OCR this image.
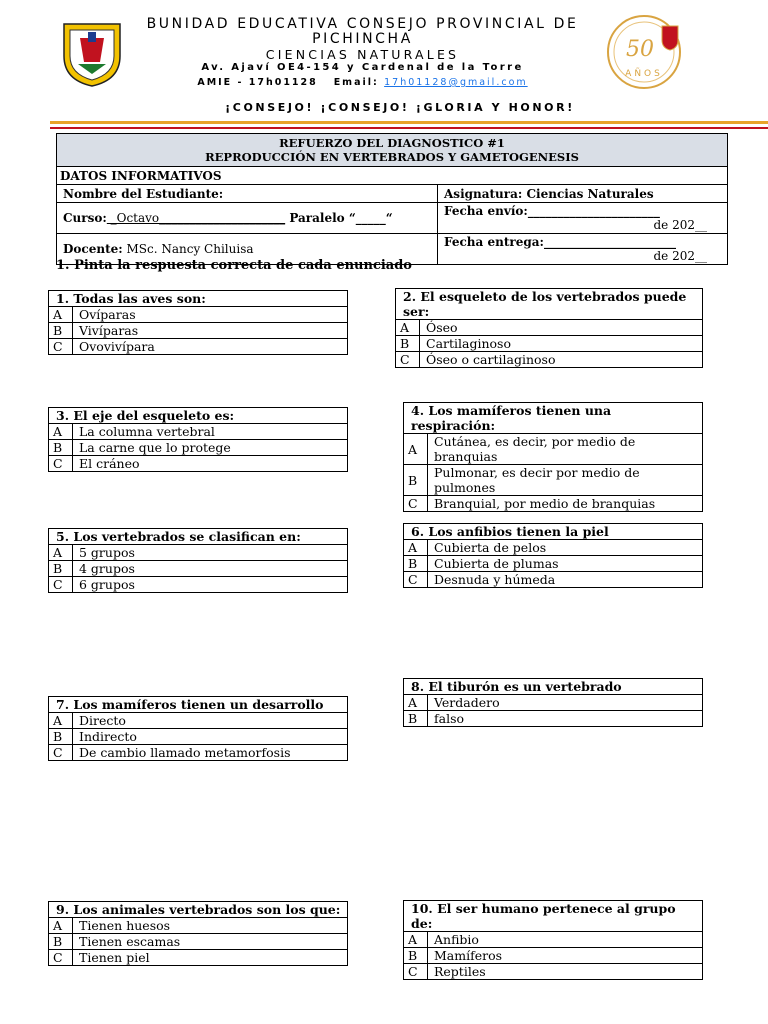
50
AÑOS
BUNIDAD EDUCATIVA CONSEJO PROVINCIAL DE
PICHINCHA
CIENCIAS NATURALES
Av. Ajaví OE4-154 y Cardenal de la Torre
AMIE - 17h01128   Email: 17h01128@gmail.com
¡CONSEJO! ¡CONSEJO! ¡GLORIA Y HONOR!
REFUERZO DEL DIAGNOSTICO #1
REPRODUCCIÓN EN VERTEBRADOS Y GAMETOGENESIS	

DATOS INFORMATIVOS	
Nombre del Estudiante:	Asignatura: Ciencias Naturales
Curso: _Octavo_____________________ Paralelo “_____“	Fecha envío:______________________
de 202__

Docente: MSc. Nancy Chiluisa	Fecha entrega:______________________
de 202__
1. Pinta la respuesta correcta de cada enunciado
1. Todas las aves son:	
A	Ovíparas
B	Vivíparas
C	Ovovivípara
2. El esqueleto de los vertebrados puede ser:	
A	Óseo
B	Cartilaginoso
C	Óseo o cartilaginoso
3. El eje del esqueleto es:	
A	La columna vertebral
B	La carne que lo protege
C	El cráneo
4. Los mamíferos tienen una respiración:	
A	Cutánea, es decir, por medio de branquias
B	Pulmonar, es decir por medio de pulmones
C	Branquial, por medio de branquias
5. Los vertebrados se clasifican en:	
A	5 grupos
B	4 grupos
C	6 grupos
6. Los anfibios tienen la piel	
A	Cubierta de pelos
B	Cubierta de plumas
C	Desnuda y húmeda
7. Los mamíferos tienen un desarrollo	
A	Directo
B	Indirecto
C	De cambio llamado metamorfosis
8. El tiburón es un vertebrado	
A	Verdadero
B	falso
9. Los animales vertebrados son los que:	
A	Tienen huesos
B	Tienen escamas
C	Tienen piel
10. El ser humano pertenece al grupo de:	
A	Anfibio
B	Mamíferos
C	Reptiles
